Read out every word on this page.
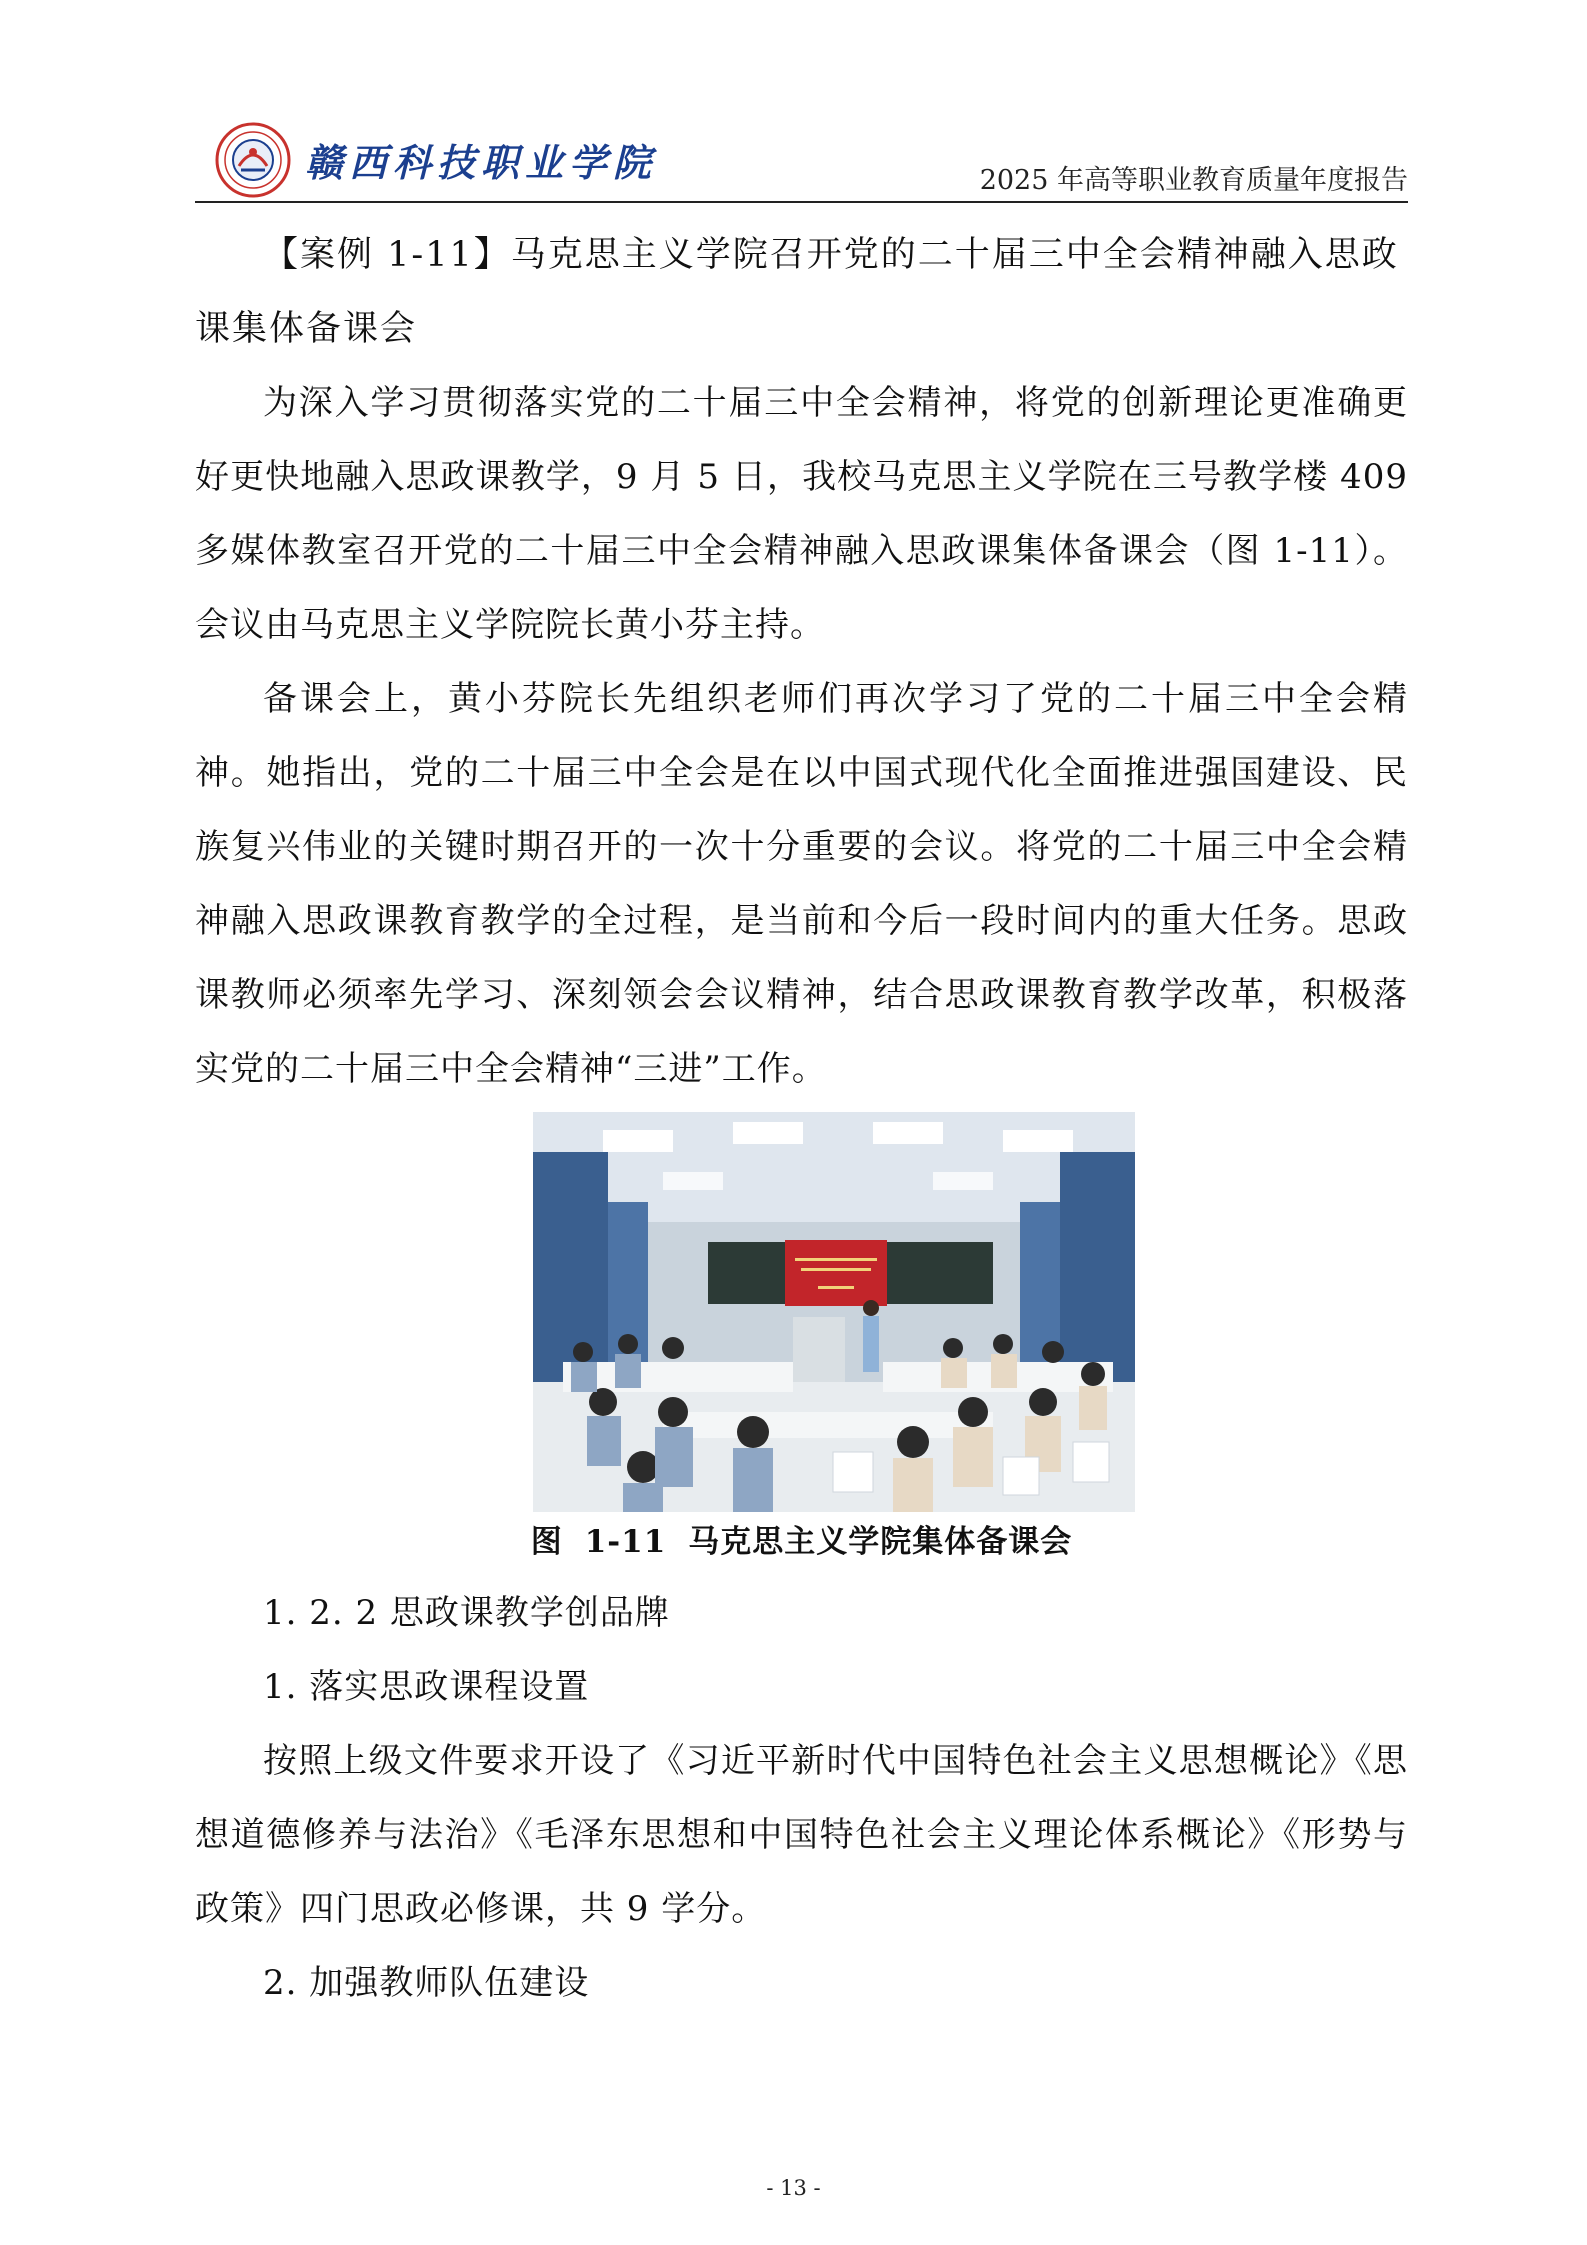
赣西科技职业学院	2025 年高等职业教育质量年度报告

【案例 1-11】马克思主义学院召开党的二十届三中全会精神融入思政课集体备课会

为深入学习贯彻落实党的二十届三中全会精神，将党的创新理论更准确更好更快地融入思政课教学，9 月 5 日，我校马克思主义学院在三号教学楼 409 多媒体教室召开党的二十届三中全会精神融入思政课集体备课会（图 1-11）。会议由马克思主义学院院长黄小芬主持。

备课会上，黄小芬院长先组织老师们再次学习了党的二十届三中全会精神。她指出，党的二十届三中全会是在以中国式现代化全面推进强国建设、民族复兴伟业的关键时期召开的一次十分重要的会议。将党的二十届三中全会精神融入思政课教育教学的全过程，是当前和今后一段时间内的重大任务。思政课教师必须率先学习、深刻领会会议精神，结合思政课教育教学改革，积极落实党的二十届三中全会精神“三进”工作。

图 1-11 马克思主义学院集体备课会

1. 2. 2 思政课教学创品牌

1. 落实思政课程设置

按照上级文件要求开设了《习近平新时代中国特色社会主义思想概论》《思想道德修养与法治》《毛泽东思想和中国特色社会主义理论体系概论》《形势与政策》四门思政必修课，共 9 学分。

2. 加强教师队伍建设

- 13 -
